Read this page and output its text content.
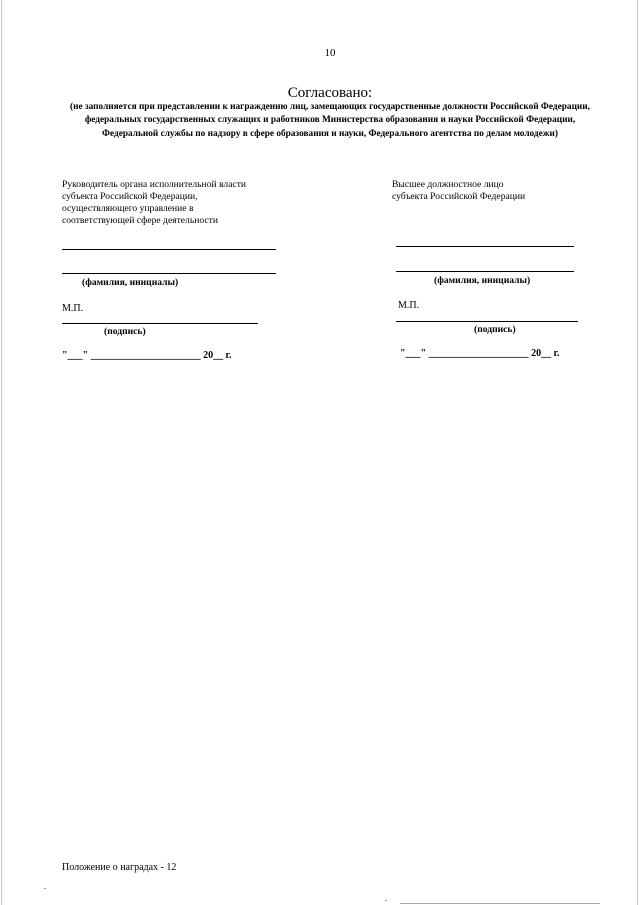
10
Согласовано:
(не заполняется при представлении к награждению лиц, замещающих государственные должности Российской Федерации, федеральных государственных служащих и работников Министерства образования и науки Российской Федерации, Федеральной службы по надзору в сфере образования и науки, Федерального агентства по делам молодежи)
Руководитель органа исполнительной власти
субъекта Российской Федерации,
осуществляющего управление в
соответствующей сфере деятельности
(фамилия, инициалы)
М.П.
(подпись)
"___" ______________________ 20__ г.
Высшее должностное лицо
субъекта Российской Федерации
(фамилия, инициалы)
М.П.
(подпись)
"___" ____________________ 20__ г.
Положение о наградах - 12
